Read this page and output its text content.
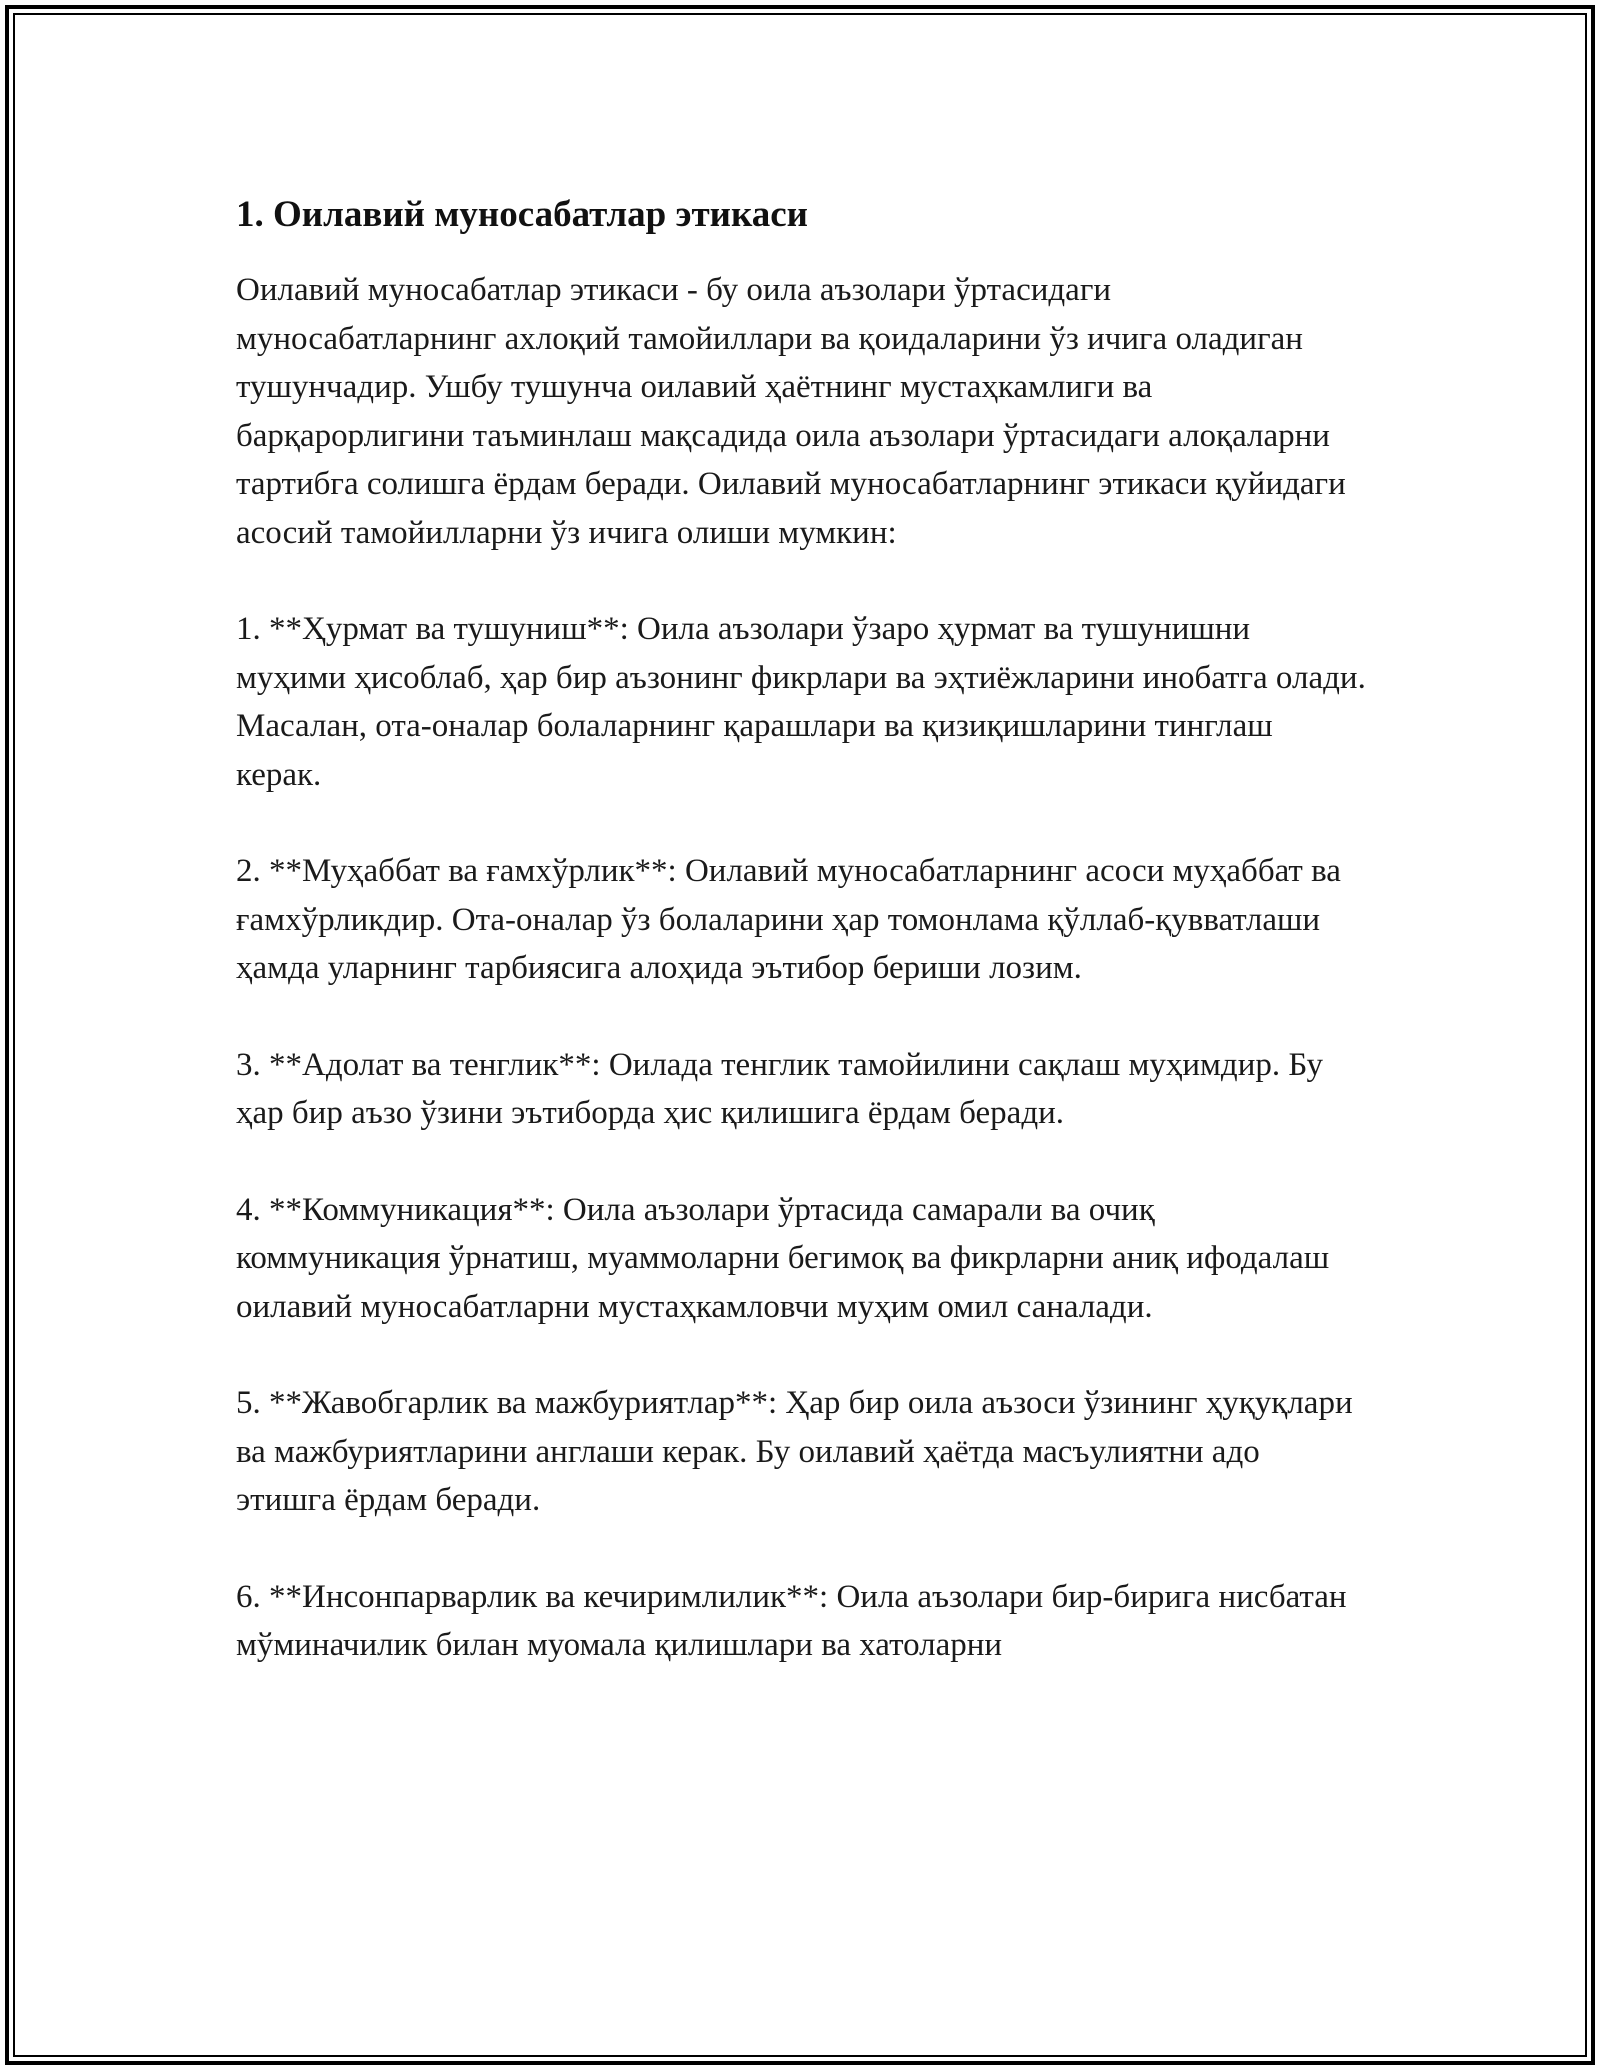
1. Оилавий муносабатлар этикаси

Оилавий муносабатлар этикаси - бу оила аъзолари ўртасидаги муносабатларнинг ахлоқий тамойиллари ва қоидаларини ўз ичига оладиган тушунчадир. Ушбу тушунча оилавий ҳаётнинг мустаҳкамлиги ва барқарорлигини таъминлаш мақсадида оила аъзолари ўртасидаги алоқаларни тартибга солишга ёрдам беради. Оилавий муносабатларнинг этикаси қуйидаги асосий тамойилларни ўз ичига олиши мумкин:

1. **Ҳурмат ва тушуниш**: Оила аъзолари ўзаро ҳурмат ва тушунишни муҳими ҳисоблаб, ҳар бир аъзонинг фикрлари ва эҳтиёжларини инобатга олади. Масалан, ота-оналар болаларнинг қарашлари ва қизиқишларини тинглаш керак.

2. **Муҳаббат ва ғамхўрлик**: Оилавий муносабатларнинг асоси муҳаббат ва ғамхўрликдир. Ота-оналар ўз болаларини ҳар томонлама қўллаб-қувватлаши ҳамда уларнинг тарбиясига алоҳида эътибор бериши лозим.

3. **Адолат ва тенглик**: Оилада тенглик тамойилини сақлаш муҳимдир. Бу ҳар бир аъзо ўзини эътиборда ҳис қилишига ёрдам беради.

4. **Коммуникация**: Оила аъзолари ўртасида самарали ва очиқ коммуникация ўрнатиш, муаммоларни бегимоқ ва фикрларни аниқ ифодалаш оилавий муносабатларни мустаҳкамловчи муҳим омил саналади.

5. **Жавобгарлик ва мажбуриятлар**: Ҳар бир оила аъзоси ўзининг ҳуқуқлари ва мажбуриятларини англаши керак. Бу оилавий ҳаётда масъулиятни адо этишга ёрдам беради.

6. **Инсонпарварлик ва кечиримлилик**: Оила аъзолари бир-бирига нисбатан мўминачилик билан муомала қилишлари ва хатоларни
